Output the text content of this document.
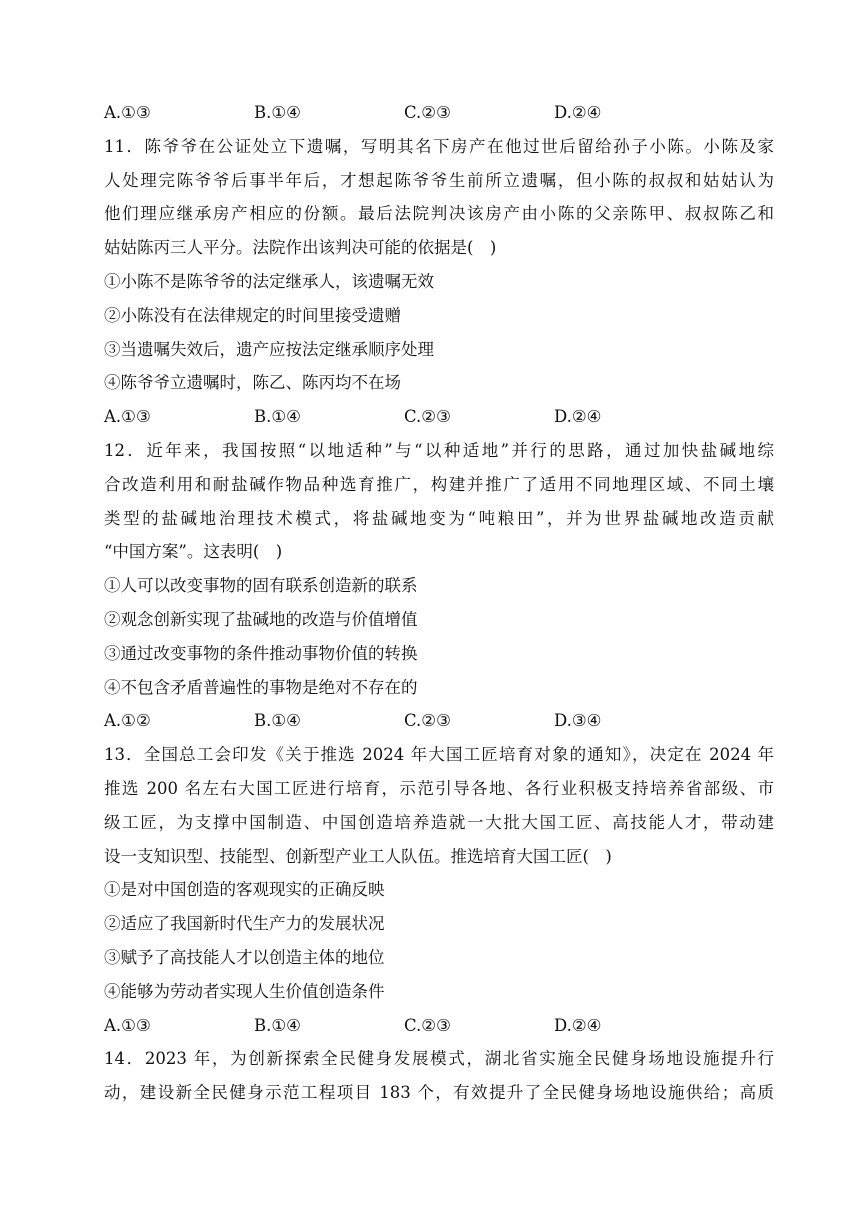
A.①③	B.①④	C.②③	D.②④
11．陈爷爷在公证处立下遗嘱，写明其名下房产在他过世后留给孙子小陈。小陈及家
人处理完陈爷爷后事半年后，才想起陈爷爷生前所立遗嘱，但小陈的叔叔和姑姑认为
他们理应继承房产相应的份额。最后法院判决该房产由小陈的父亲陈甲、叔叔陈乙和
姑姑陈丙三人平分。法院作出该判决可能的依据是(　)
①小陈不是陈爷爷的法定继承人，该遗嘱无效
②小陈没有在法律规定的时间里接受遗赠
③当遗嘱失效后，遗产应按法定继承顺序处理
④陈爷爷立遗嘱时，陈乙、陈丙均不在场
A.①③	B.①④	C.②③	D.②④
12．近年来，我国按照“以地适种”与“以种适地”并行的思路，通过加快盐碱地综
合改造利用和耐盐碱作物品种选育推广，构建并推广了适用不同地理区域、不同土壤
类型的盐碱地治理技术模式，将盐碱地变为“吨粮田”，并为世界盐碱地改造贡献
“中国方案”。这表明(　)
①人可以改变事物的固有联系创造新的联系
②观念创新实现了盐碱地的改造与价值增值
③通过改变事物的条件推动事物价值的转换
④不包含矛盾普遍性的事物是绝对不存在的
A.①②	B.①④	C.②③	D.③④
13．全国总工会印发《关于推选 2024 年大国工匠培育对象的通知》，决定在 2024 年
推选 200 名左右大国工匠进行培育，示范引导各地、各行业积极支持培养省部级、市
级工匠，为支撑中国制造、中国创造培养造就一大批大国工匠、高技能人才，带动建
设一支知识型、技能型、创新型产业工人队伍。推选培育大国工匠(　)
①是对中国创造的客观现实的正确反映
②适应了我国新时代生产力的发展状况
③赋予了高技能人才以创造主体的地位
④能够为劳动者实现人生价值创造条件
A.①③	B.①④	C.②③	D.②④
14．2023 年，为创新探索全民健身发展模式，湖北省实施全民健身场地设施提升行
动，建设新全民健身示范工程项目 183 个，有效提升了全民健身场地设施供给；高质
